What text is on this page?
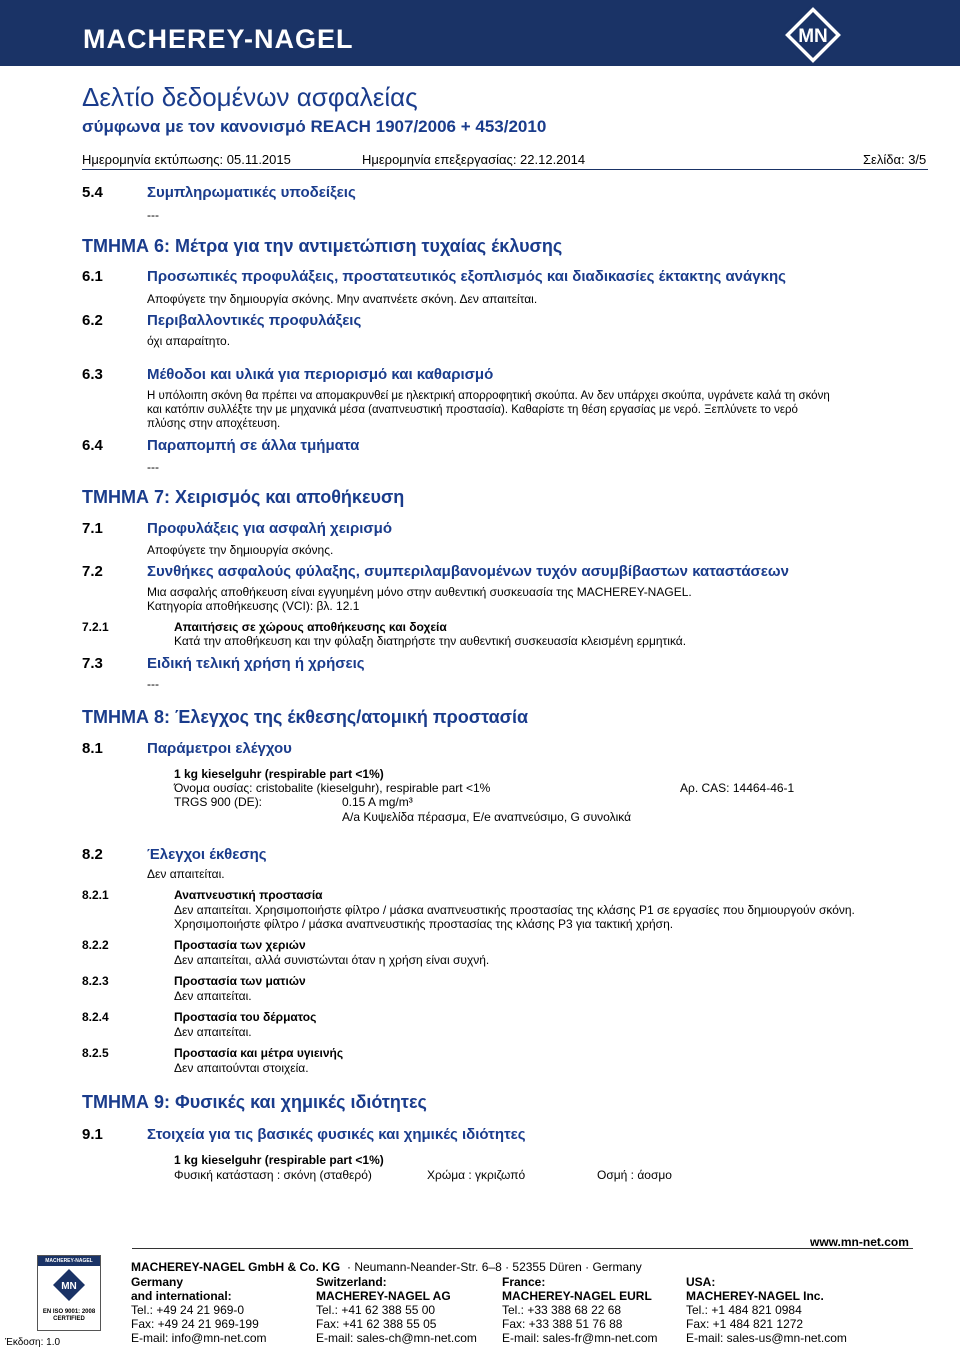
MACHEREY-NAGEL	MN
Δελτίο δεδομένων ασφαλείας
σύμφωνα με τον κανονισμό REACH 1907/2006 + 453/2010
Ημερομηνία εκτύπωσης: 05.11.2015	Ημερομηνία επεξεργασίας: 22.12.2014	Σελίδα: 3/5
5.4	Συμπληρωματικές υποδείξεις
---
ΤΜΗΜΑ 6: Μέτρα για την αντιμετώπιση τυχαίας έκλυσης
6.1	Προσωπικές προφυλάξεις, προστατευτικός εξοπλισμός και διαδικασίες έκτακτης ανάγκης
Αποφύγετε την δημιουργία σκόνης. Μην αναπνέετε σκόνη. Δεν απαιτείται.
6.2	Περιβαλλοντικές προφυλάξεις
όχι απαραίτητο.
6.3	Μέθοδοι και υλικά για περιορισμό και καθαρισμό
Η υπόλοιπη σκόνη θα πρέπει να απομακρυνθεί με ηλεκτρική απορροφητική σκούπα. Αν δεν υπάρχει σκούπα, υγράνετε καλά τη σκόνη
και κατόπιν συλλέξτε την με μηχανικά μέσα (αναπνευστική προστασία). Καθαρίστε τη θέση εργασίας με νερό. Ξεπλύνετε το νερό
πλύσης στην αποχέτευση.
6.4	Παραπομπή σε άλλα τμήματα
---
ΤΜΗΜΑ 7: Χειρισμός και αποθήκευση
7.1	Προφυλάξεις για ασφαλή χειρισμό
Αποφύγετε την δημιουργία σκόνης.
7.2	Συνθήκες ασφαλούς φύλαξης, συμπεριλαμβανομένων τυχόν ασυμβίβαστων καταστάσεων
Μια ασφαλής αποθήκευση είναι εγγυημένη μόνο στην αυθεντική συσκευασία της MACHEREY-NAGEL.
Κατηγορία αποθήκευσης (VCI): βλ. 12.1
7.2.1	Απαιτήσεις σε χώρους αποθήκευσης και δοχεία
Κατά την αποθήκευση και την φύλαξη διατηρήστε την αυθεντική συσκευασία κλεισμένη ερμητικά.
7.3	Ειδική τελική χρήση ή χρήσεις
---
ΤΜΗΜΑ 8: Έλεγχος της έκθεσης/ατομική προστασία
8.1	Παράμετροι ελέγχου
1 kg kieselguhr (respirable part <1%)
Όνομα ουσίας: cristobalite (kieselguhr), respirable part <1%	Αρ. CAS: 14464-46-1
TRGS 900 (DE):	0.15 A mg/m³
A/a Κυψελίδα πέρασμα, E/e αναπνεύσιμο, G συνολικά
8.2	Έλεγχοι έκθεσης
Δεν απαιτείται.
8.2.1	Αναπνευστική προστασία
Δεν απαιτείται. Χρησιμοποιήστε φίλτρο / μάσκα αναπνευστικής προστασίας της κλάσης P1 σε εργασίες που δημιουργούν σκόνη.
Χρησιμοποιήστε φίλτρο / μάσκα αναπνευστικής προστασίας της κλάσης P3 για τακτική χρήση.
8.2.2	Προστασία των χεριών
Δεν απαιτείται, αλλά συνιστώνται όταν η χρήση είναι συχνή.
8.2.3	Προστασία των ματιών
Δεν απαιτείται.
8.2.4	Προστασία του δέρματος
Δεν απαιτείται.
8.2.5	Προστασία και μέτρα υγιεινής
Δεν απαιτούνται στοιχεία.
ΤΜΗΜΑ 9: Φυσικές και χημικές ιδιότητες
9.1	Στοιχεία για τις βασικές φυσικές και χημικές ιδιότητες
1 kg kieselguhr (respirable part <1%)
Φυσική κατάσταση : σκόνη (σταθερό)	Χρώμα : γκριζωπό	Οσμή : άοσμο
MACHEREY-NAGEL
MN
EN ISO 9001: 2008 CERTIFIED
Έκδοση: 1.0
MACHEREY-NAGEL GmbH & Co. KG · Neumann-Neander-Str. 6–8 · 52355 Düren · Germany
www.mn-net.com
Germany
and international:
Tel.: +49 24 21 969-0
Fax: +49 24 21 969-199
E-mail: info@mn-net.com
Switzerland:
MACHEREY-NAGEL AG
Tel.: +41 62 388 55 00
Fax: +41 62 388 55 05
E-mail: sales-ch@mn-net.com
France:
MACHEREY-NAGEL EURL
Tel.: +33 388 68 22 68
Fax: +33 388 51 76 88
E-mail: sales-fr@mn-net.com
USA:
MACHEREY-NAGEL Inc.
Tel.: +1 484 821 0984
Fax: +1 484 821 1272
E-mail: sales-us@mn-net.com
